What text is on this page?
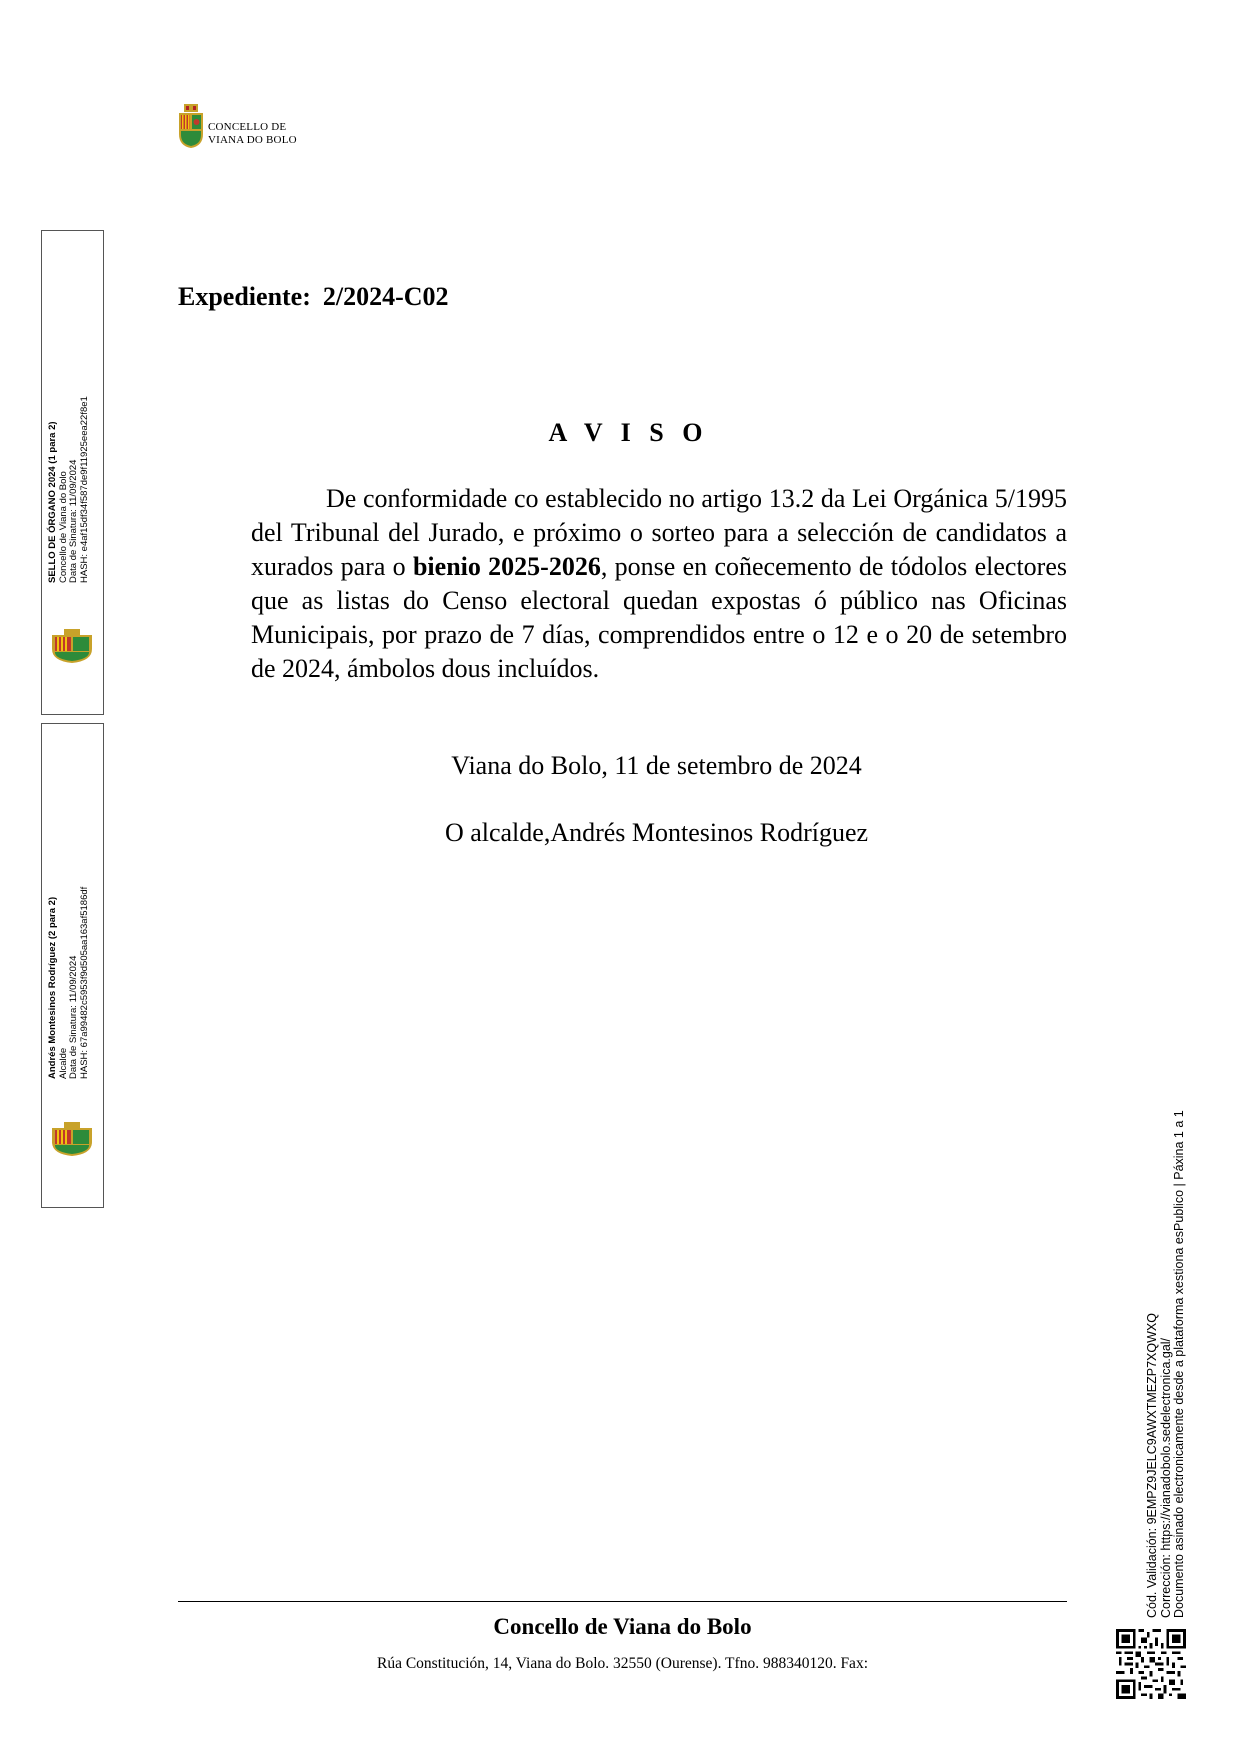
CONCELLO DE
VIANA DO BOLO
SELLO DE ÓRGANO 2024 (1 para 2) Concello de Viana do Bolo Data de Sinatura: 11/09/2024 HASH: e4af15df34f587de9f11925eea22f8e1
Andrés Montesinos Rodríguez (2 para 2) Alcalde Data de Sinatura: 11/09/2024 HASH: 67a99482c5953f9d505aa163af5186df
Expediente: 2/2024-C02
A V I S O
De conformidade co establecido no artigo 13.2 da Lei Orgánica 5/1995 del Tribunal del Jurado, e próximo o sorteo para a selección de candidatos a xurados para o bienio 2025-2026, ponse en coñecemento de tódolos electores que as listas do Censo electoral quedan expostas ó público nas Oficinas Municipais, por prazo de 7 días, comprendidos entre o 12 e o 20 de setembro de 2024, ámbolos dous incluídos.
Viana do Bolo, 11 de setembro de 2024
O alcalde,Andrés Montesinos Rodríguez
Concello de Viana do Bolo
Rúa Constitución, 14, Viana do Bolo. 32550 (Ourense). Tfno. 988340120. Fax:
Cód. Validación: 9EMPZ9JELC9AWXTMEZP7XQWXQ Corrección: https://vianadobolo.sedelectronica.gal/ Documento asinado electronicamente desde a plataforma xestiona esPublico | Páxina 1 a 1
